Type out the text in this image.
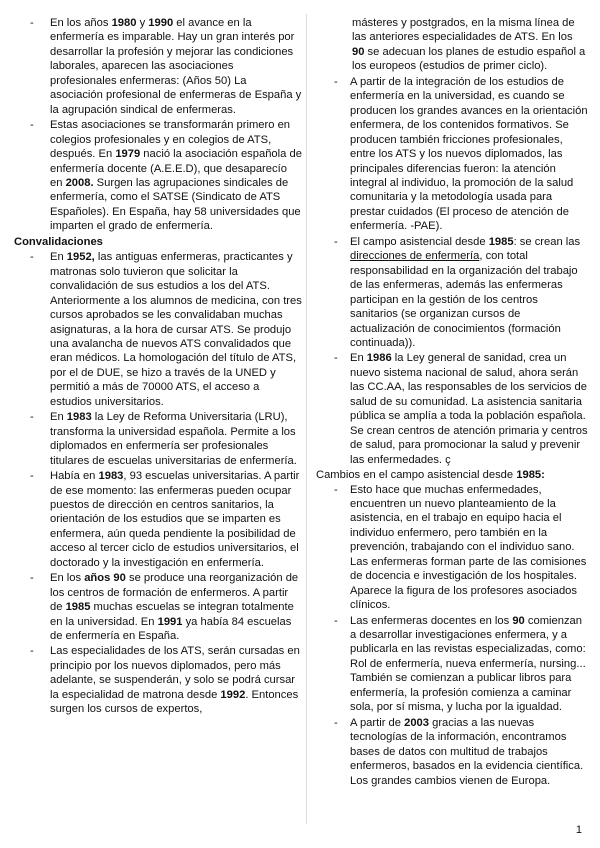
- En los años 1980 y 1990 el avance en la enfermería es imparable. Hay un gran interés por desarrollar la profesión y mejorar las condiciones laborales, aparecen las asociaciones profesionales enfermeras: (Años 50) La asociación profesional de enfermeras de España y la agrupación sindical de enfermeras.

- Estas asociaciones se transformarán primero en colegios profesionales y en colegios de ATS, después. En 1979 nació la asociación española de enfermería docente (A.E.E.D), que desaparecío en 2008. Surgen las agrupaciones sindicales de enfermería, como el SATSE (Sindicato de ATS Españoles). En España, hay 58 universidades que imparten el grado de enfermería.

Convalidaciones

- En 1952, las antiguas enfermeras, practicantes y matronas solo tuvieron que solicitar la convalidación de sus estudios a los del ATS. Anteriormente a los alumnos de medicina, con tres cursos aprobados se les convalidaban muchas asignaturas, a la hora de cursar ATS. Se produjo una avalancha de nuevos ATS convalidados que eran médicos. La homologación del título de ATS, por el de DUE, se hizo a través de la UNED y permitió a más de 70000 ATS, el acceso a estudios universitarios.

- En 1983 la Ley de Reforma Universitaria (LRU), transforma la universidad española. Permite a los diplomados en enfermería ser profesionales titulares de escuelas universitarias de enfermería.

- Había en 1983, 93 escuelas universitarias. A partir de ese momento: las enfermeras pueden ocupar puestos de dirección en centros sanitarios, la orientación de los estudios que se imparten es enfermera, aún queda pendiente la posibilidad de acceso al tercer ciclo de estudios universitarios, el doctorado y la investigación en enfermería.

- En los años 90 se produce una reorganización de los centros de formación de enfermeros. A partir de 1985 muchas escuelas se integran totalmente en la universidad. En 1991 ya había 84 escuelas de enfermería en España.

- Las especialidades de los ATS, serán cursadas en principio por los nuevos diplomados, pero más adelante, se suspenderán, y solo se podrá cursar la especialidad de matrona desde 1992. Entonces surgen los cursos de expertos,

másteres y postgrados, en la misma línea de las anteriores especialidades de ATS. En los 90 se adecuan los planes de estudio español a los europeos (estudios de primer ciclo).

- A partir de la integración de los estudios de enfermería en la universidad, es cuando se producen los grandes avances en la orientación enfermera, de los contenidos formativos. Se producen también fricciones profesionales, entre los ATS y los nuevos diplomados, las principales diferencias fueron: la atención integral al individuo, la promoción de la salud comunitaria y la metodología usada para prestar cuidados (El proceso de atención de enfermería. -PAE).

- El campo asistencial desde 1985: se crean las direcciones de enfermería, con total responsabilidad en la organización del trabajo de las enfermeras, además las enfermeras participan en la gestión de los centros sanitarios (se organizan cursos de actualización de conocimientos (formación continuada)).

- En 1986 la Ley general de sanidad, crea un nuevo sistema nacional de salud, ahora serán las CC.AA, las responsables de los servicios de salud de su comunidad. La asistencia sanitaria pública se amplía a toda la población española. Se crean centros de atención primaria y centros de salud, para promocionar la salud y prevenir las enfermedades. ç

Cambios en el campo asistencial desde 1985:

- Esto hace que muchas enfermedades, encuentren un nuevo planteamiento de la asistencia, en el trabajo en equipo hacia el individuo enfermero, pero también en la prevención, trabajando con el individuo sano. Las enfermeras forman parte de las comisiones de docencia e investigación de los hospitales. Aparece la figura de los profesores asociados clínicos.

- Las enfermeras docentes en los 90 comienzan a desarrollar investigaciones enfermera, y a publicarla en las revistas especializadas, como: Rol de enfermería, nueva enfermería, nursing... También se comienzan a publicar libros para enfermería, la profesión comienza a caminar sola, por sí misma, y lucha por la igualdad.

- A partir de 2003 gracias a las nuevas tecnologías de la información, encontramos bases de datos con multitud de trabajos enfermeros, basados en la evidencia científica. Los grandes cambios vienen de Europa.

1
